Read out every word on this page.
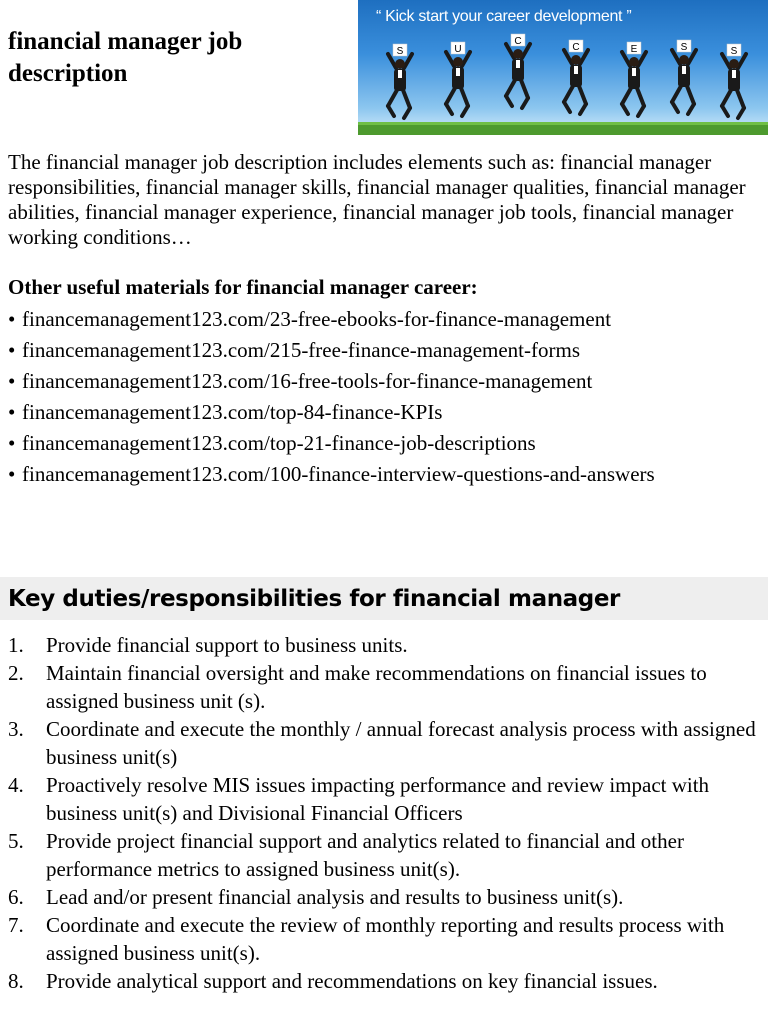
financial manager job description
S	U
C
C	E	S	S
“ Kick start your career development ”

The financial manager job description includes elements such as: financial manager responsibilities, financial manager skills, financial manager qualities, financial manager abilities, financial manager experience, financial manager job tools, financial manager working conditions…

Other useful materials for financial manager career:
• financemanagement123.com/23-free-ebooks-for-finance-management
• financemanagement123.com/215-free-finance-management-forms
• financemanagement123.com/16-free-tools-for-finance-management
• financemanagement123.com/top-84-finance-KPIs
• financemanagement123.com/top-21-finance-job-descriptions
• financemanagement123.com/100-finance-interview-questions-and-answers
Key duties/responsibilities for financial manager
1.	Provide financial support to business units.
2.	Maintain financial oversight and make recommendations on financial issues to assigned business unit (s).
3.	Coordinate and execute the monthly / annual forecast analysis process with assigned business unit(s)
4.	Proactively resolve MIS issues impacting performance and review impact with business unit(s) and Divisional Financial Officers
5.	Provide project financial support and analytics related to financial and other performance metrics to assigned business unit(s).
6.	Lead and/or present financial analysis and results to business unit(s).
7.	Coordinate and execute the review of monthly reporting and results process with assigned business unit(s).
8.	Provide analytical support and recommendations on key financial issues.
